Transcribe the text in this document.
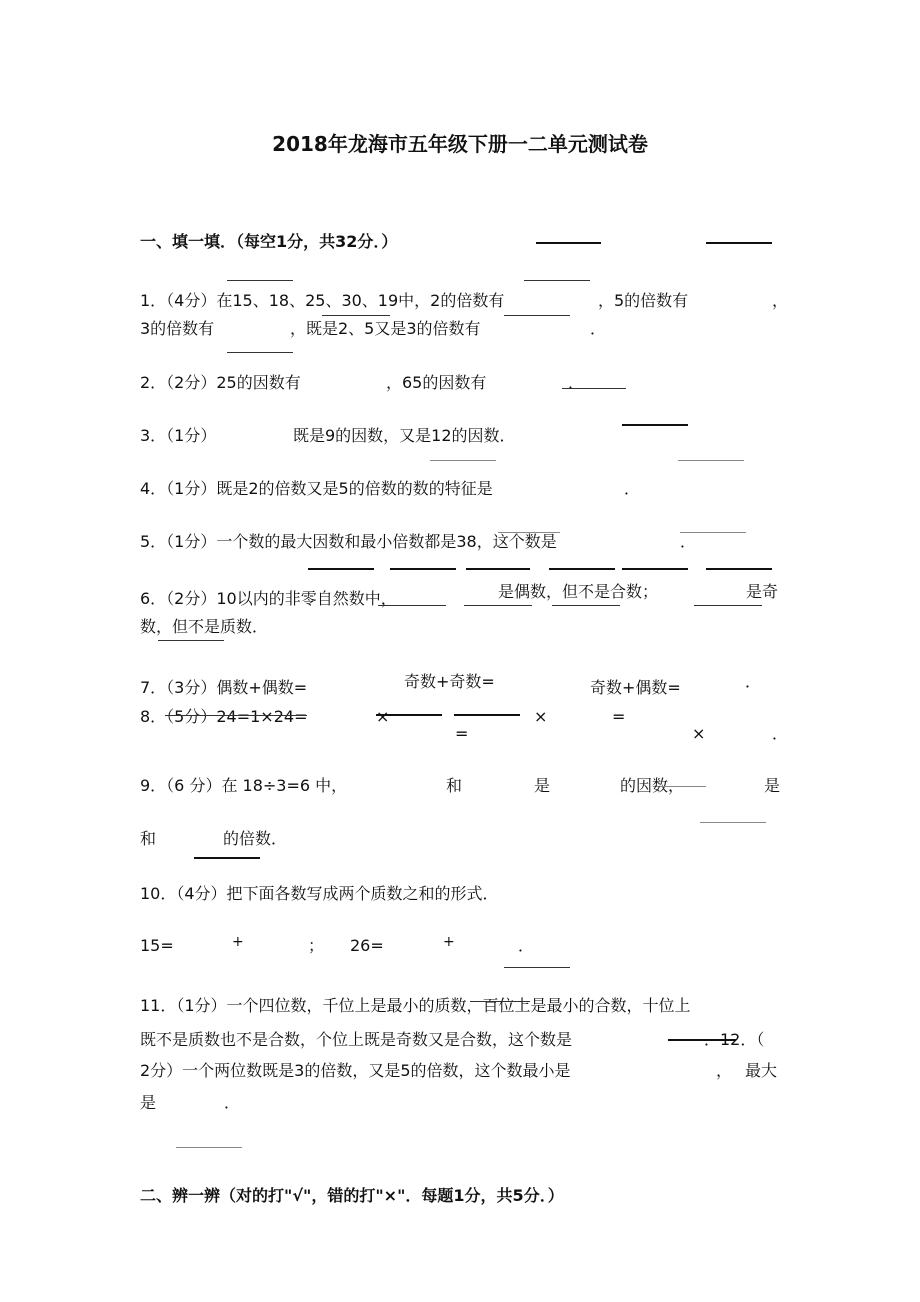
2018年龙海市五年级下册一二单元测试卷
一、填一填．（每空1分，共32分．）
1．（4分）在15、18、25、30、19中，2的倍数有	，5的倍数有	，
3的倍数有	，既是2、5又是3的倍数有	．
2．（2分）25的因数有	，65的因数有	．
3．（1分）	既是9的因数，又是12的因数．
4．（1分）既是2的倍数又是5的倍数的数的特征是	．
5．（1分）一个数的最大因数和最小倍数都是38，这个数是	．
6．（2分）10以内的非零自然数中，	是偶数，但不是合数；	是奇
数，但不是质数．
奇数+奇数=
7．（3分）偶数+偶数=	奇数+偶数=	．
8．（5分）24=1×24=	×	×	=
=	×	．
9．（6 分）在 18÷3=6 中，	和	是	的因数，	是
和	的倍数．
10．（4分）把下面各数写成两个质数之和的形式．
15=	+	； 26=	+	．
11．（1分）一个四位数，千位上是最小的质数，百位上是最小的合数，十位上
既不是质数也不是合数，个位上既是奇数又是合数，这个数是	．12．（
2分）一个两位数既是3的倍数，又是5的倍数，这个数最小是	， 最大
是	．
二、辨一辨（对的打"√"，错的打"×"．每题1分，共5分．）
